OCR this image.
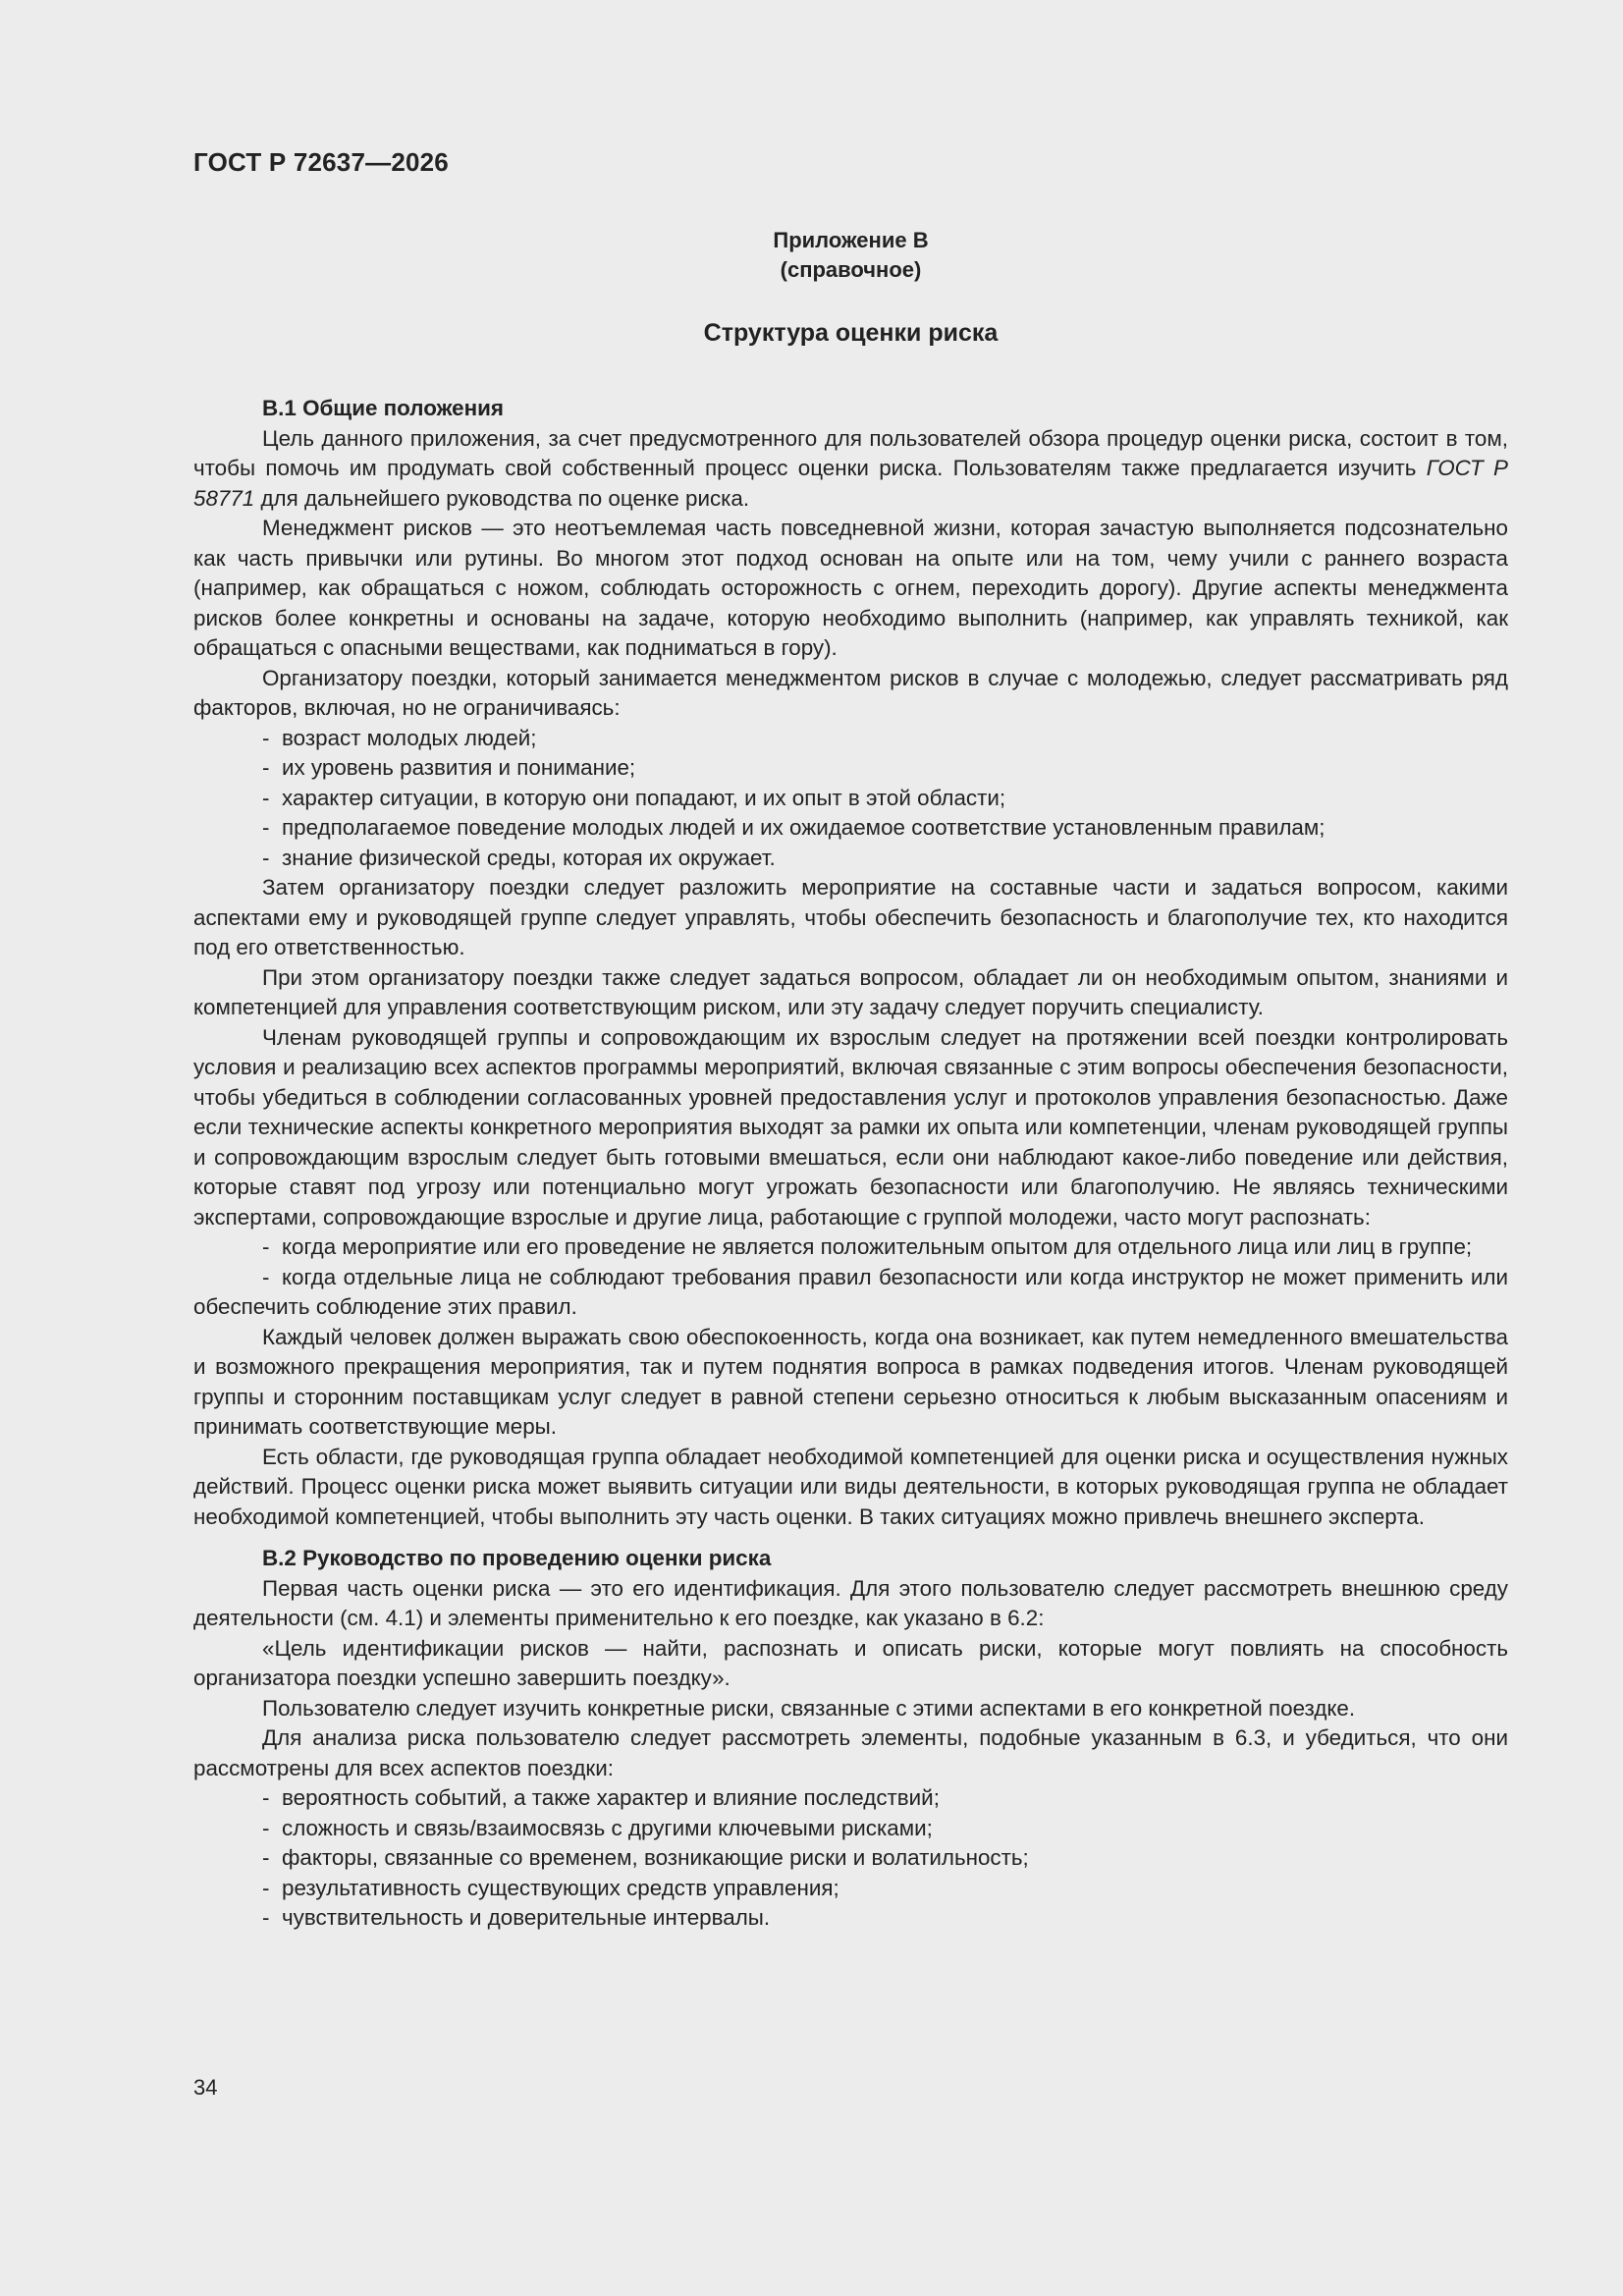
ГОСТ Р 72637—2026
Приложение В
(справочное)
Структура оценки риска

В.1 Общие положения

Цель данного приложения, за счет предусмотренного для пользователей обзора процедур оценки риска, состоит в том, чтобы помочь им продумать свой собственный процесс оценки риска. Пользователям также предлагается изучить ГОСТ Р 58771 для дальнейшего руководства по оценке риска.

Менеджмент рисков — это неотъемлемая часть повседневной жизни, которая зачастую выполняется подсознательно как часть привычки или рутины. Во многом этот подход основан на опыте или на том, чему учили с раннего возраста (например, как обращаться с ножом, соблюдать осторожность с огнем, переходить дорогу). Другие аспекты менеджмента рисков более конкретны и основаны на задаче, которую необходимо выполнить (например, как управлять техникой, как обращаться с опасными веществами, как подниматься в гору).

Организатору поездки, который занимается менеджментом рисков в случае с молодежью, следует рассматривать ряд факторов, включая, но не ограничиваясь:

- возраст молодых людей;

- их уровень развития и понимание;

- характер ситуации, в которую они попадают, и их опыт в этой области;

- предполагаемое поведение молодых людей и их ожидаемое соответствие установленным правилам;

- знание физической среды, которая их окружает.

Затем организатору поездки следует разложить мероприятие на составные части и задаться вопросом, какими аспектами ему и руководящей группе следует управлять, чтобы обеспечить безопасность и благополучие тех, кто находится под его ответственностью.

При этом организатору поездки также следует задаться вопросом, обладает ли он необходимым опытом, знаниями и компетенцией для управления соответствующим риском, или эту задачу следует поручить специалисту.

Членам руководящей группы и сопровождающим их взрослым следует на протяжении всей поездки контролировать условия и реализацию всех аспектов программы мероприятий, включая связанные с этим вопросы обеспечения безопасности, чтобы убедиться в соблюдении согласованных уровней предоставления услуг и протоколов управления безопасностью. Даже если технические аспекты конкретного мероприятия выходят за рамки их опыта или компетенции, членам руководящей группы и сопровождающим взрослым следует быть готовыми вмешаться, если они наблюдают какое-либо поведение или действия, которые ставят под угрозу или потенциально могут угрожать безопасности или благополучию. Не являясь техническими экспертами, сопровождающие взрослые и другие лица, работающие с группой молодежи, часто могут распознать:

- когда мероприятие или его проведение не является положительным опытом для отдельного лица или лиц в группе;

- когда отдельные лица не соблюдают требования правил безопасности или когда инструктор не может применить или обеспечить соблюдение этих правил.

Каждый человек должен выражать свою обеспокоенность, когда она возникает, как путем немедленного вмешательства и возможного прекращения мероприятия, так и путем поднятия вопроса в рамках подведения итогов. Членам руководящей группы и сторонним поставщикам услуг следует в равной степени серьезно относиться к любым высказанным опасениям и принимать соответствующие меры.

Есть области, где руководящая группа обладает необходимой компетенцией для оценки риска и осуществления нужных действий. Процесс оценки риска может выявить ситуации или виды деятельности, в которых руководящая группа не обладает необходимой компетенцией, чтобы выполнить эту часть оценки. В таких ситуациях можно привлечь внешнего эксперта.

В.2 Руководство по проведению оценки риска

Первая часть оценки риска — это его идентификация. Для этого пользователю следует рассмотреть внешнюю среду деятельности (см. 4.1) и элементы применительно к его поездке, как указано в 6.2:

«Цель идентификации рисков — найти, распознать и описать риски, которые могут повлиять на способность организатора поездки успешно завершить поездку».

Пользователю следует изучить конкретные риски, связанные с этими аспектами в его конкретной поездке.

Для анализа риска пользователю следует рассмотреть элементы, подобные указанным в 6.3, и убедиться, что они рассмотрены для всех аспектов поездки:

- вероятность событий, а также характер и влияние последствий;

- сложность и связь/взаимосвязь с другими ключевыми рисками;

- факторы, связанные со временем, возникающие риски и волатильность;

- результативность существующих средств управления;

- чувствительность и доверительные интервалы.

34
